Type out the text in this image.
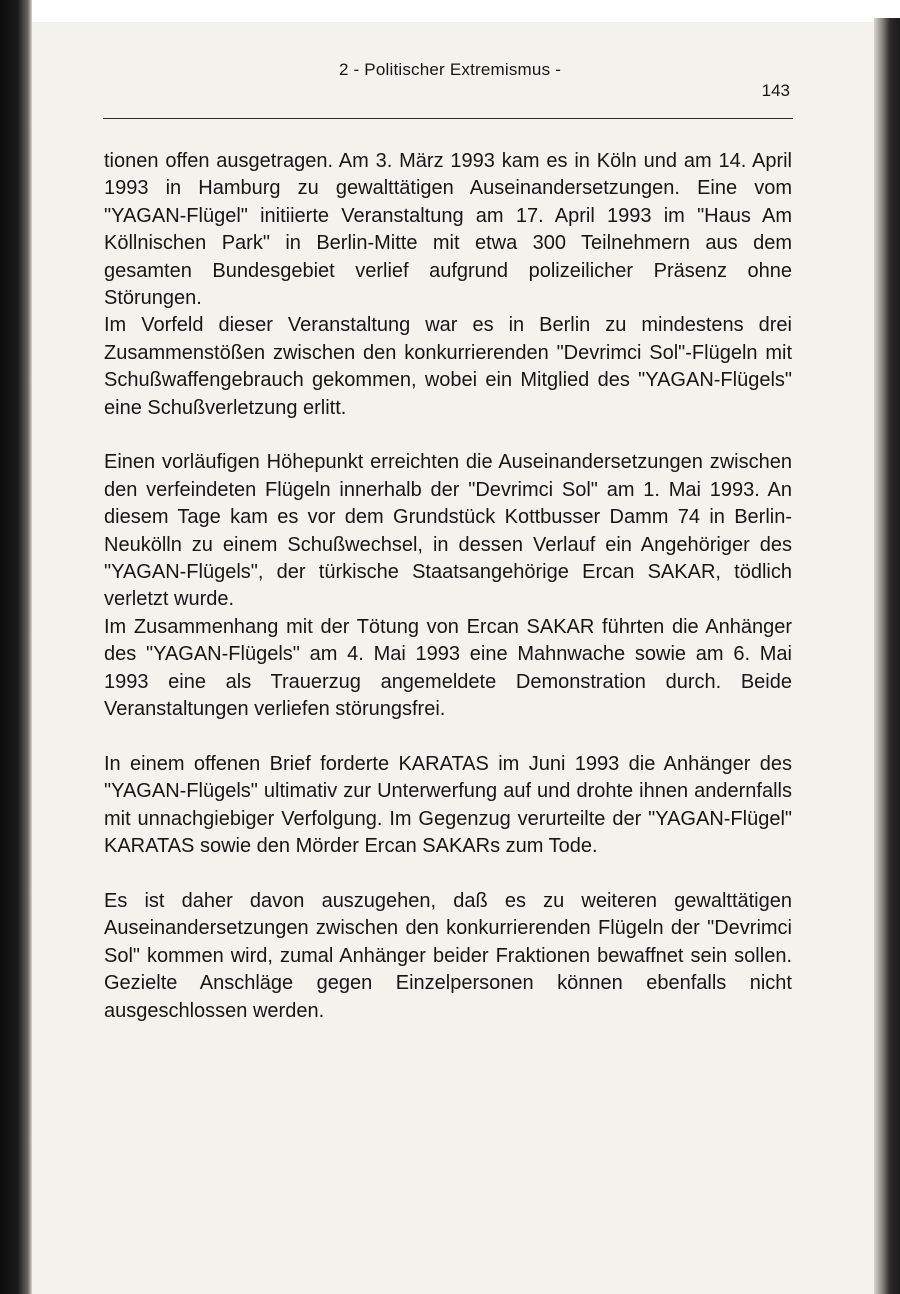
2 - Politischer Extremismus -
143

tionen offen ausgetragen. Am 3. März 1993 kam es in Köln und am 14. April 1993 in Hamburg zu gewalttätigen Auseinandersetzungen. Eine vom "YAGAN-Flügel" initiierte Veranstaltung am 17. April 1993 im "Haus Am Köllnischen Park" in Berlin-Mitte mit etwa 300 Teilnehmern aus dem gesamten Bundesgebiet verlief aufgrund polizeilicher Präsenz ohne Störungen.

Im Vorfeld dieser Veranstaltung war es in Berlin zu mindestens drei Zusammenstößen zwischen den konkurrierenden "Devrimci Sol"-Flügeln mit Schußwaffengebrauch gekommen, wobei ein Mitglied des "YAGAN-Flügels" eine Schußverletzung erlitt.

Einen vorläufigen Höhepunkt erreichten die Auseinandersetzungen zwischen den verfeindeten Flügeln innerhalb der "Devrimci Sol" am 1. Mai 1993. An diesem Tage kam es vor dem Grundstück Kottbusser Damm 74 in Berlin-Neukölln zu einem Schußwechsel, in dessen Verlauf ein Angehöriger des "YAGAN-Flügels", der türkische Staatsangehörige Ercan SAKAR, tödlich verletzt wurde.

Im Zusammenhang mit der Tötung von Ercan SAKAR führten die Anhänger des "YAGAN-Flügels" am 4. Mai 1993 eine Mahnwache sowie am 6. Mai 1993 eine als Trauerzug angemeldete Demonstration durch. Beide Veranstaltungen verliefen störungsfrei.

In einem offenen Brief forderte KARATAS im Juni 1993 die Anhänger des "YAGAN-Flügels" ultimativ zur Unterwerfung auf und drohte ihnen andernfalls mit unnachgiebiger Verfolgung. Im Gegenzug verurteilte der "YAGAN-Flügel" KARATAS sowie den Mörder Ercan SAKARs zum Tode.

Es ist daher davon auszugehen, daß es zu weiteren gewalttätigen Auseinandersetzungen zwischen den konkurrierenden Flügeln der "Devrimci Sol" kommen wird, zumal Anhänger beider Fraktionen bewaffnet sein sollen. Gezielte Anschläge gegen Einzelpersonen können ebenfalls nicht ausgeschlossen werden.
